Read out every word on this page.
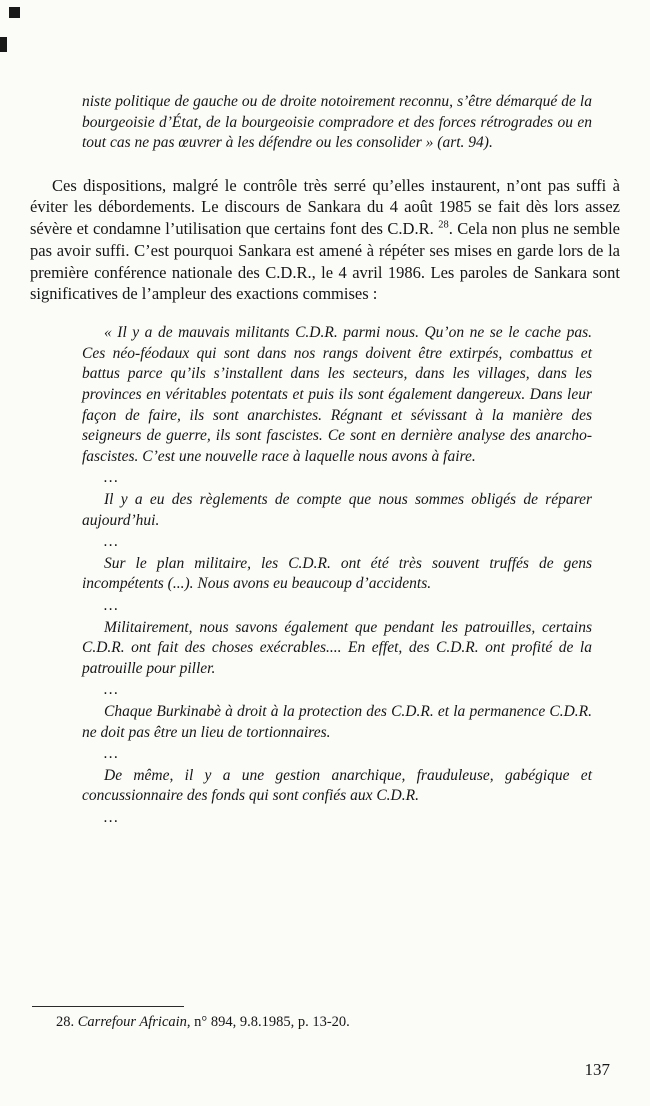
niste politique de gauche ou de droite notoirement reconnu, s’être démarqué de la bourgeoisie d’État, de la bourgeoisie compradore et des forces rétrogrades ou en tout cas ne pas œuvrer à les défendre ou les consolider » (art. 94).

Ces dispositions, malgré le contrôle très serré qu’elles instaurent, n’ont pas suffi à éviter les débordements. Le discours de Sankara du 4 août 1985 se fait dès lors assez sévère et condamne l’utilisation que certains font des C.D.R. $^{28}$. Cela non plus ne semble pas avoir suffi. C’est pourquoi Sankara est amené à répéter ses mises en garde lors de la première conférence nationale des C.D.R., le 4 avril 1986. Les paroles de Sankara sont significatives de l’ampleur des exactions commises :

« Il y a de mauvais militants C.D.R. parmi nous. Qu’on ne se le cache pas. Ces néo-féodaux qui sont dans nos rangs doivent être extirpés, combattus et battus parce qu’ils s’installent dans les secteurs, dans les villages, dans les provinces en véritables potentats et puis ils sont également dangereux. Dans leur façon de faire, ils sont anarchistes. Régnant et sévissant à la manière des seigneurs de guerre, ils sont fascistes. Ce sont en dernière analyse des anarcho-fascistes. C’est une nouvelle race à laquelle nous avons à faire.

…

Il y a eu des règlements de compte que nous sommes obligés de réparer aujourd’hui.

…

Sur le plan militaire, les C.D.R. ont été très souvent truffés de gens incompétents (...). Nous avons eu beaucoup d’accidents.

…

Militairement, nous savons également que pendant les patrouilles, certains C.D.R. ont fait des choses exécrables.... En effet, des C.D.R. ont profité de la patrouille pour piller.

…

Chaque Burkinabè à droit à la protection des C.D.R. et la permanence C.D.R. ne doit pas être un lieu de tortionnaires.

…

De même, il y a une gestion anarchique, frauduleuse, gabégique et concussionnaire des fonds qui sont confiés aux C.D.R.

…

28. Carrefour Africain, n° 894, 9.8.1985, p. 13-20.

137
